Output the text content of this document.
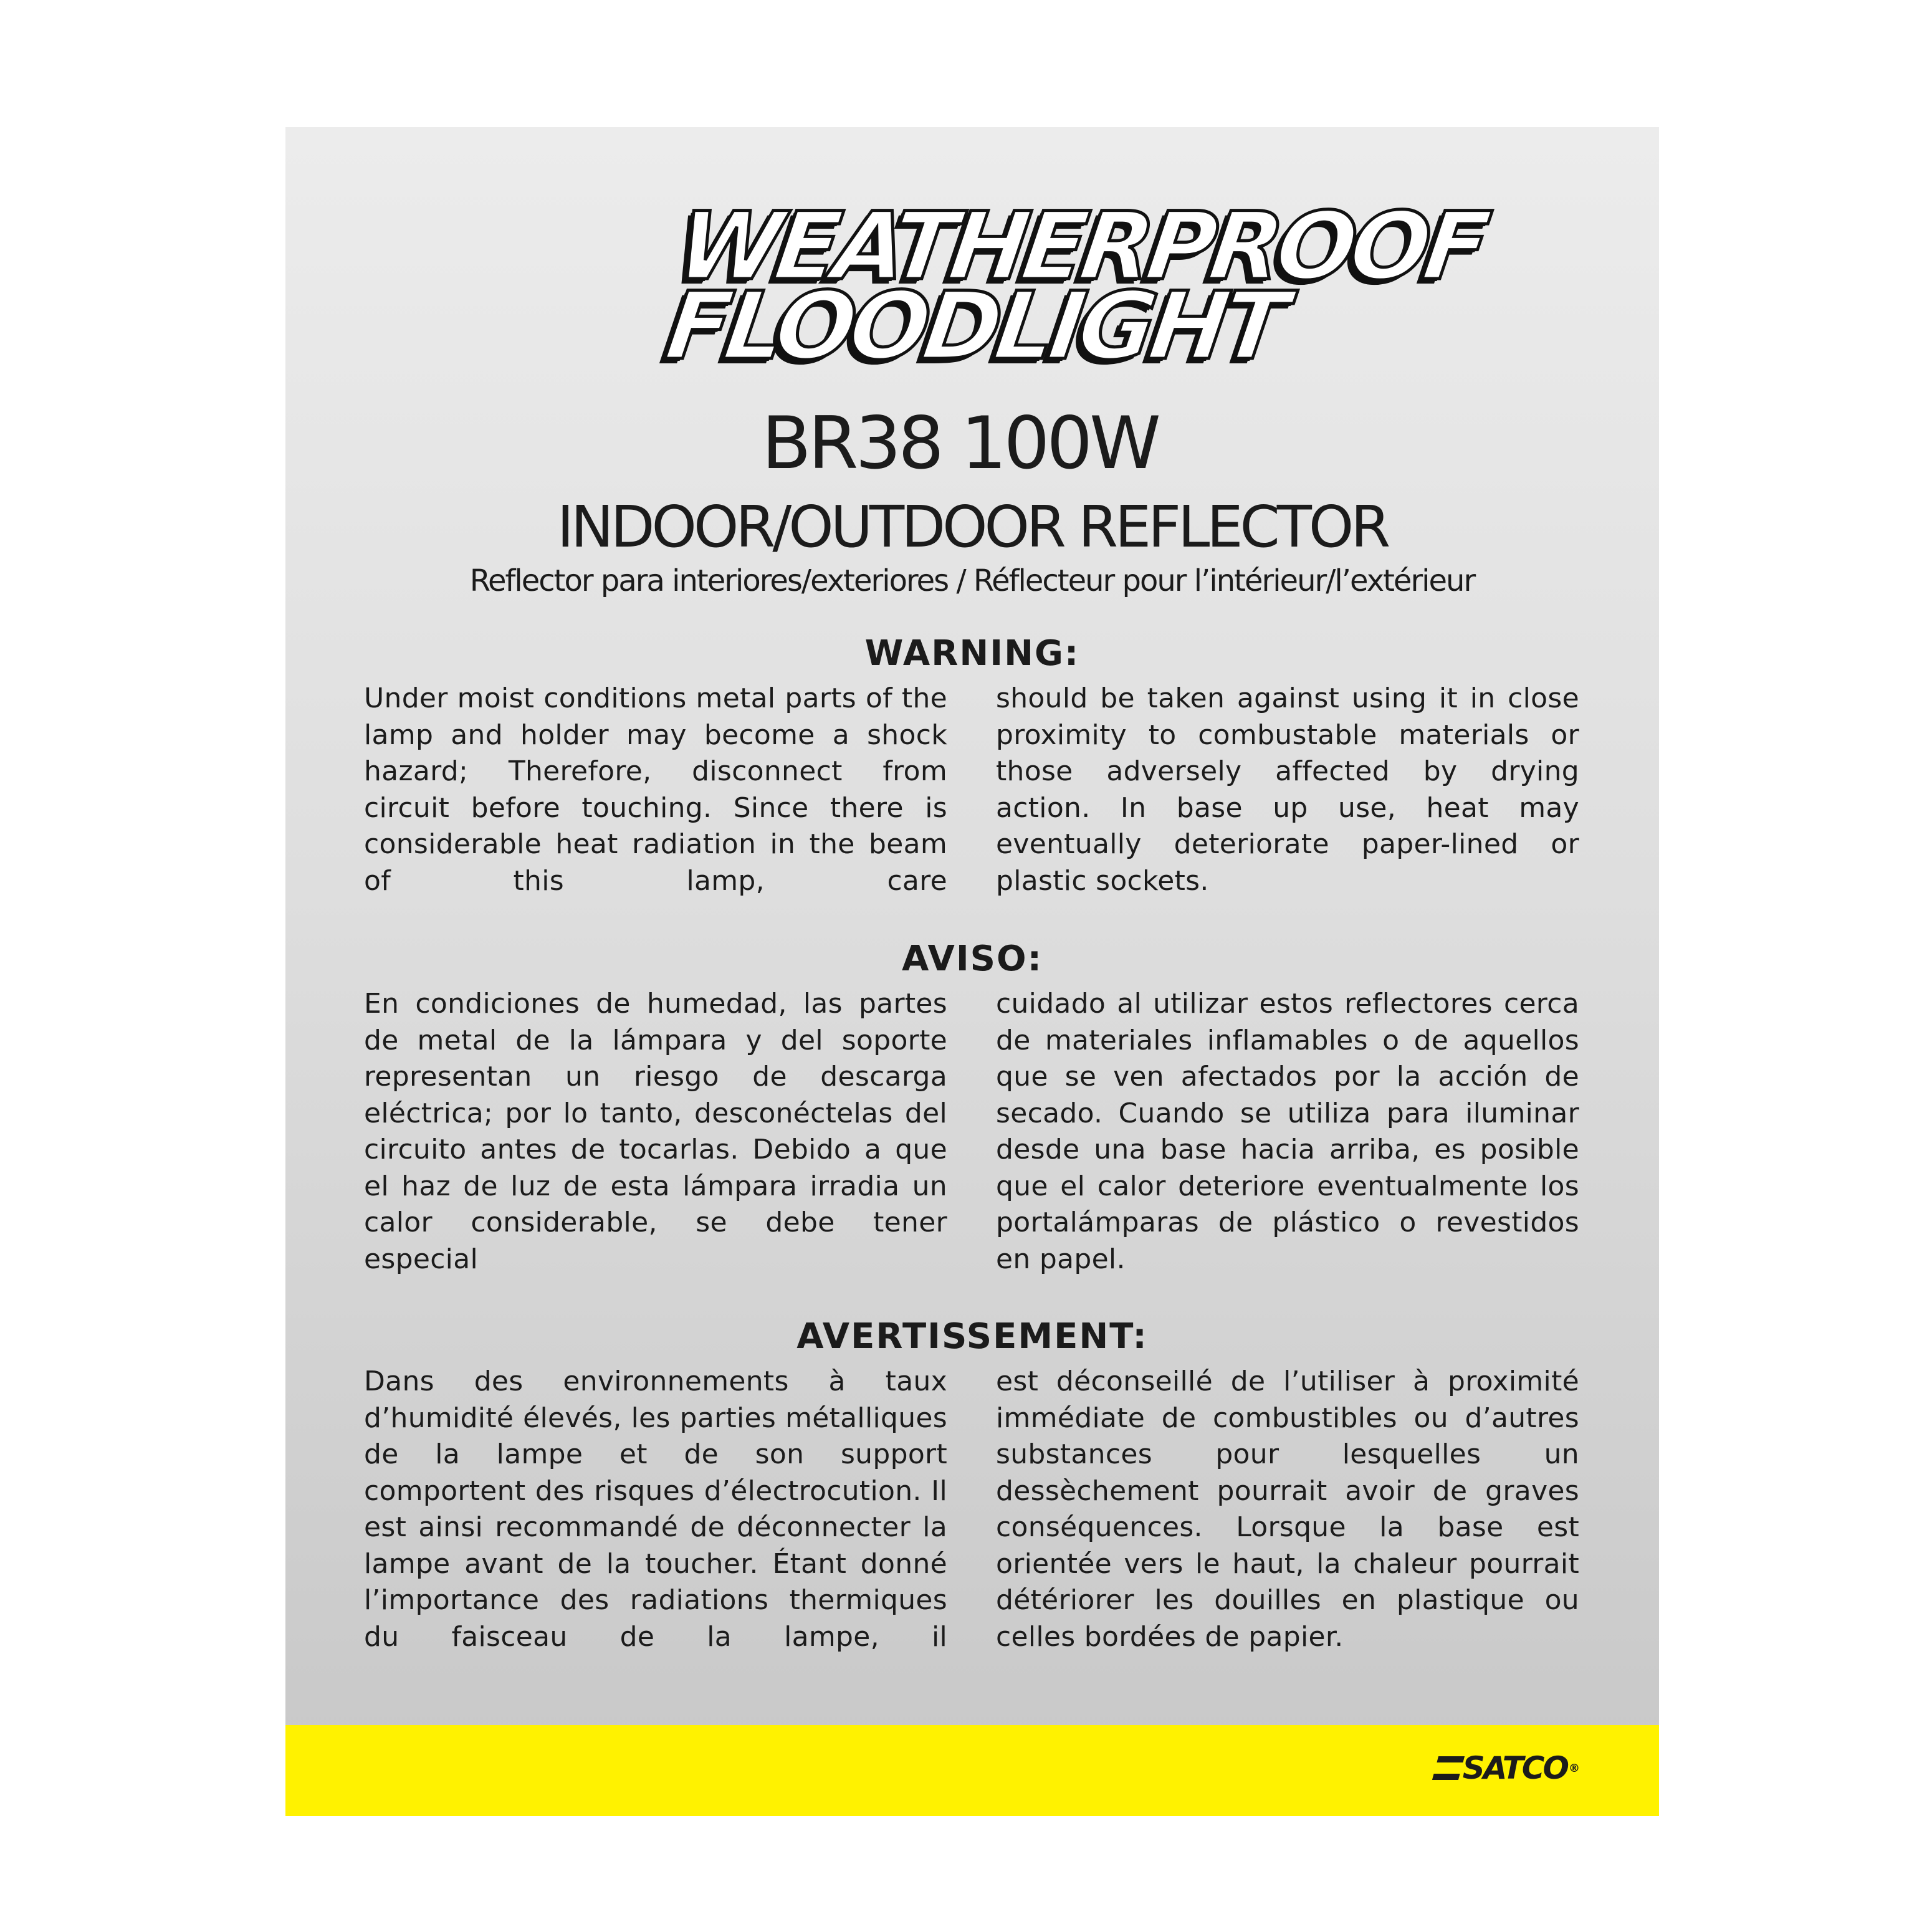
WEATHERPROOF
FLOODLIGHT
BR38 100W
INDOOR/OUTDOOR REFLECTOR
Reflector para interiores/exteriores / Réflecteur pour l’intérieur/l’extérieur
WARNING:

Under moist conditions metal parts of the lamp and holder may become a shock hazard; Therefore, disconnect from circuit before touching. Since there is considerable heat radiation in the beam of this lamp, care

should be taken against using it in close proximity to combustable materials or those adversely affected by drying action. In base up use, heat may eventually deteriorate paper-lined or plastic sockets.

AVISO:

En condiciones de humedad, las partes de metal de la lámpara y del soporte representan un riesgo de descarga eléctrica; por lo tanto, desconéctelas del circuito antes de tocarlas. Debido a que el haz de luz de esta lámpara irradia un calor considerable, se debe tener especial

cuidado al utilizar estos reflectores cerca de materiales inflamables o de aquellos que se ven afectados por la acción de secado. Cuando se utiliza para iluminar desde una base hacia arriba, es posible que el calor deteriore eventualmente los portalámparas de plástico o revestidos en papel.

AVERTISSEMENT:

Dans des environnements à taux d’humidité élevés, les parties métalliques de la lampe et de son support comportent des risques d’électrocution. Il est ainsi recommandé de déconnecter la lampe avant de la toucher. Étant donné l’importance des radiations thermiques du faisceau de la lampe, il

est déconseillé de l’utiliser à proximité immédiate de combustibles ou d’autres substances pour lesquelles un dessèchement pourrait avoir de graves conséquences. Lorsque la base est orientée vers le haut, la chaleur pourrait détériorer les douilles en plastique ou celles bordées de papier.

SATCO ®
